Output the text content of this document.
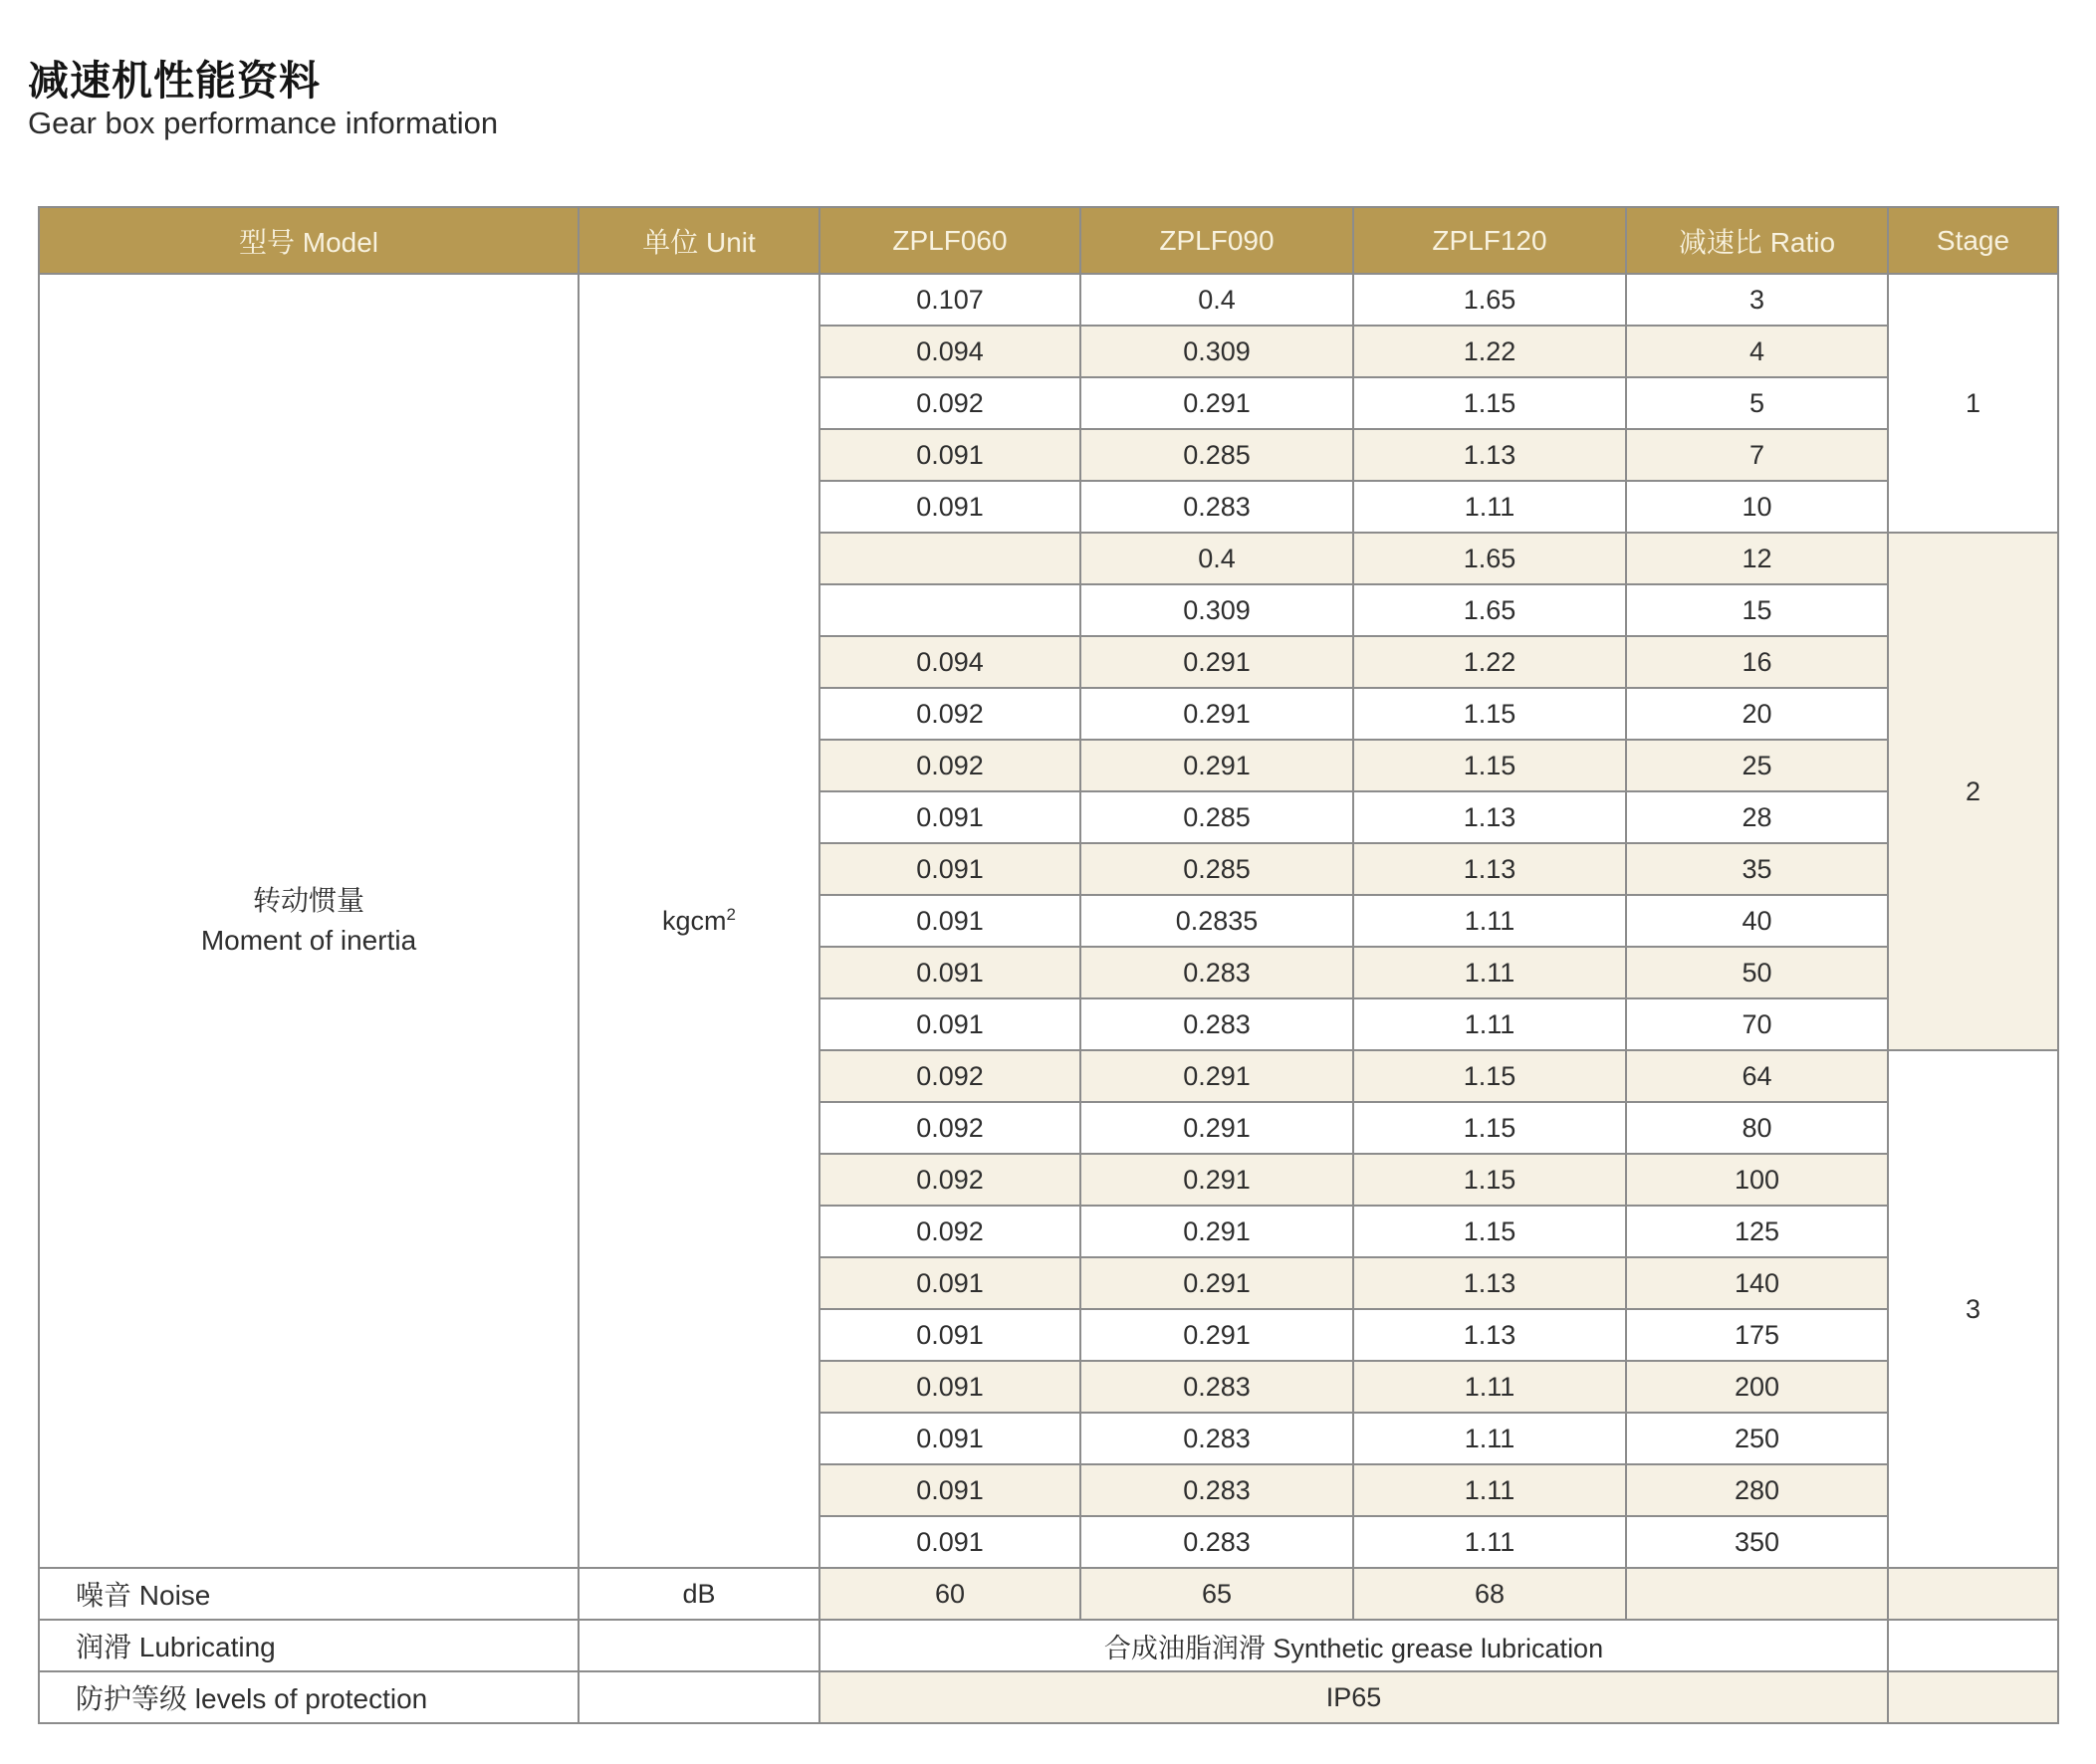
减速机性能资料
Gear box performance information
型号 Model	单位 Unit	ZPLF060	ZPLF090	ZPLF120	减速比 Ratio	Stage

转动惯量
Moment of inertia	kgcm$^2$	0.107	0.4	1.65	3	1
		0.094	0.309	1.22	4	
		0.092	0.291	1.15	5	
		0.091	0.285	1.13	7	
		0.091	0.283	1.11	10	
			0.4	1.65	12	2
			0.309	1.65	15	
		0.094	0.291	1.22	16	
		0.092	0.291	1.15	20	
		0.092	0.291	1.15	25	
		0.091	0.285	1.13	28	
		0.091	0.285	1.13	35	
		0.091	0.2835	1.11	40	
		0.091	0.283	1.11	50	
		0.091	0.283	1.11	70	
		0.092	0.291	1.15	64	3
		0.092	0.291	1.15	80	
		0.092	0.291	1.15	100	
		0.092	0.291	1.15	125	
		0.091	0.291	1.13	140	
		0.091	0.291	1.13	175	
		0.091	0.283	1.11	200	
		0.091	0.283	1.11	250	
		0.091	0.283	1.11	280	
		0.091	0.283	1.11	350	
噪音 Noise	dB	60	65	68		
润滑 Lubricating		合成油脂润滑 Synthetic grease lubrication				
防护等级 levels of protection		IP65				
